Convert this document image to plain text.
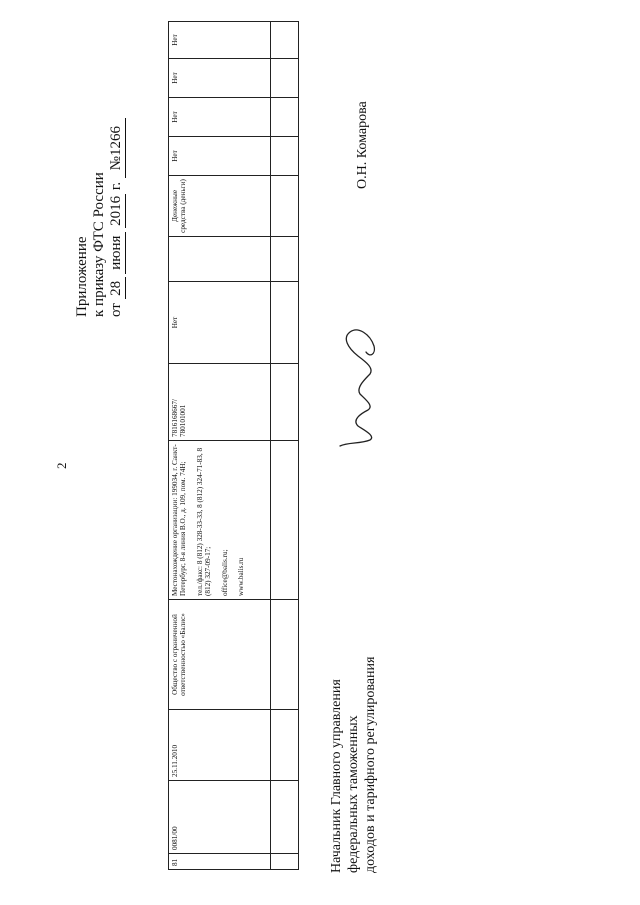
2
Приложение к приказу ФТС России от 28 июня 2016 г. №1266
81	0081/00	25.11.2010	Общество с ограниченной ответственностью «Балис»	Местонахождение организации: 199034, г. Санкт-Петербург, 8-я линия В.О., д. 109, пом. 74Н; тел./факс: 8 (812) 328-33-33, 8 (812) 324-71-83, 8 (812) 327-09-17; office@balis.ru; www.balis.ru	7816168667/ 780101001	Нет		Денежные средства (деньги)	Нет	Нет	Нет	Нет

Начальник Главного управления федеральных таможенных доходов и тарифного регулирования
О.Н. Комарова
